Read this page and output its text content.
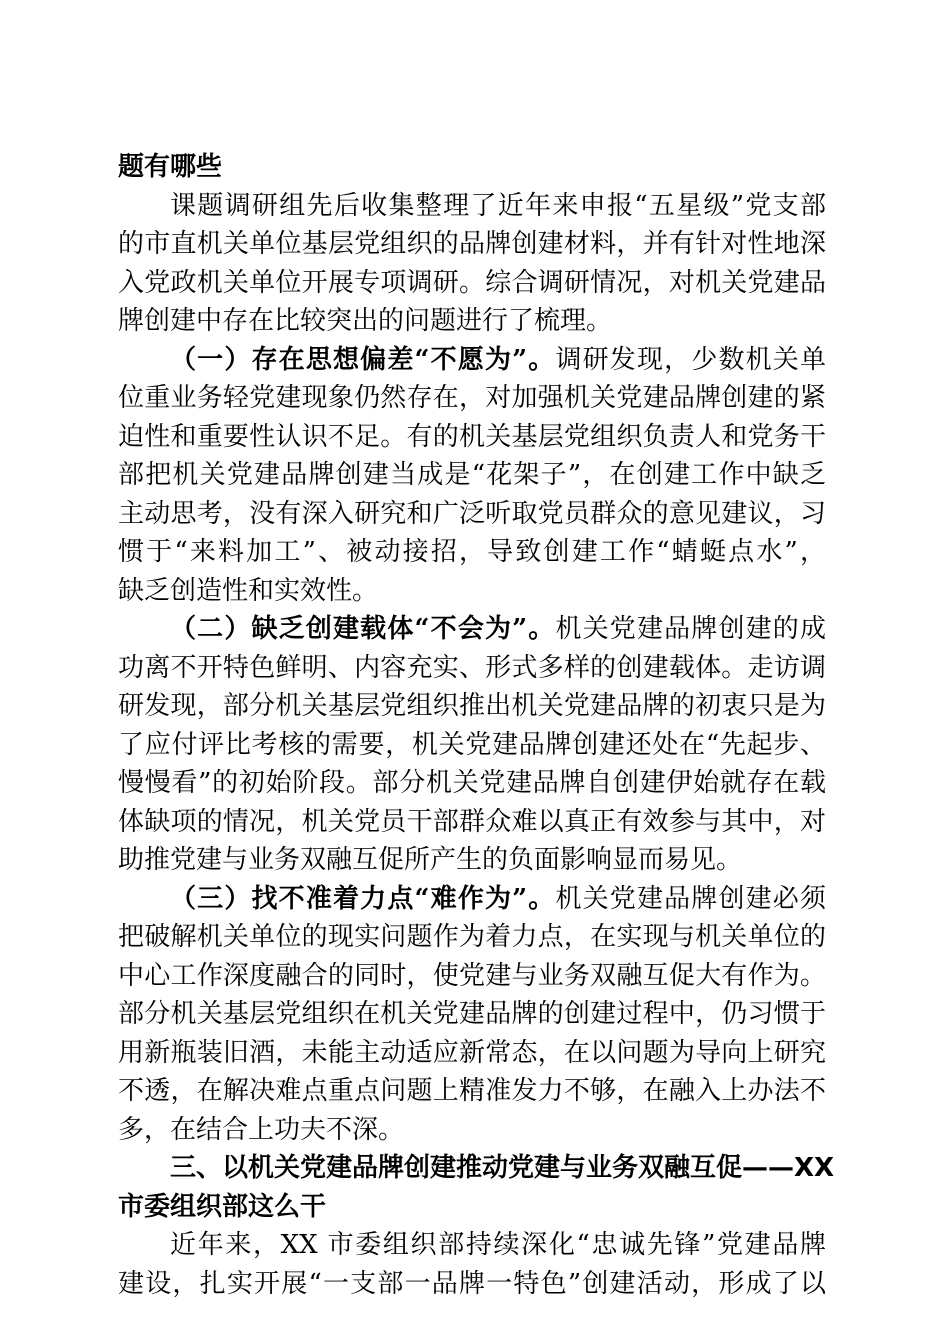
题有哪些
课题调研组先后收集整理了近年来申报“五星级”党支部
的市直机关单位基层党组织的品牌创建材料，并有针对性地深
入党政机关单位开展专项调研。综合调研情况，对机关党建品
牌创建中存在比较突出的问题进行了梳理。
（一）存在思想偏差“不愿为”。调研发现，少数机关单
位重业务轻党建现象仍然存在，对加强机关党建品牌创建的紧
迫性和重要性认识不足。有的机关基层党组织负责人和党务干
部把机关党建品牌创建当成是“花架子”，在创建工作中缺乏
主动思考，没有深入研究和广泛听取党员群众的意见建议，习
惯于“来料加工”、被动接招，导致创建工作“蜻蜓点水”，
缺乏创造性和实效性。
（二）缺乏创建载体“不会为”。机关党建品牌创建的成
功离不开特色鲜明、内容充实、形式多样的创建载体。走访调
研发现，部分机关基层党组织推出机关党建品牌的初衷只是为
了应付评比考核的需要，机关党建品牌创建还处在“先起步、
慢慢看”的初始阶段。部分机关党建品牌自创建伊始就存在载
体缺项的情况，机关党员干部群众难以真正有效参与其中，对
助推党建与业务双融互促所产生的负面影响显而易见。
（三）找不准着力点“难作为”。机关党建品牌创建必须
把破解机关单位的现实问题作为着力点，在实现与机关单位的
中心工作深度融合的同时，使党建与业务双融互促大有作为。
部分机关基层党组织在机关党建品牌的创建过程中，仍习惯于
用新瓶装旧酒，未能主动适应新常态，在以问题为导向上研究
不透，在解决难点重点问题上精准发力不够，在融入上办法不
多，在结合上功夫不深。
三、以机关党建品牌创建推动党建与业务双融互促——XX
市委组织部这么干
近年来，XX 市委组织部持续深化“忠诚先锋”党建品牌
建设，扎实开展“一支部一品牌一特色”创建活动，形成了以
